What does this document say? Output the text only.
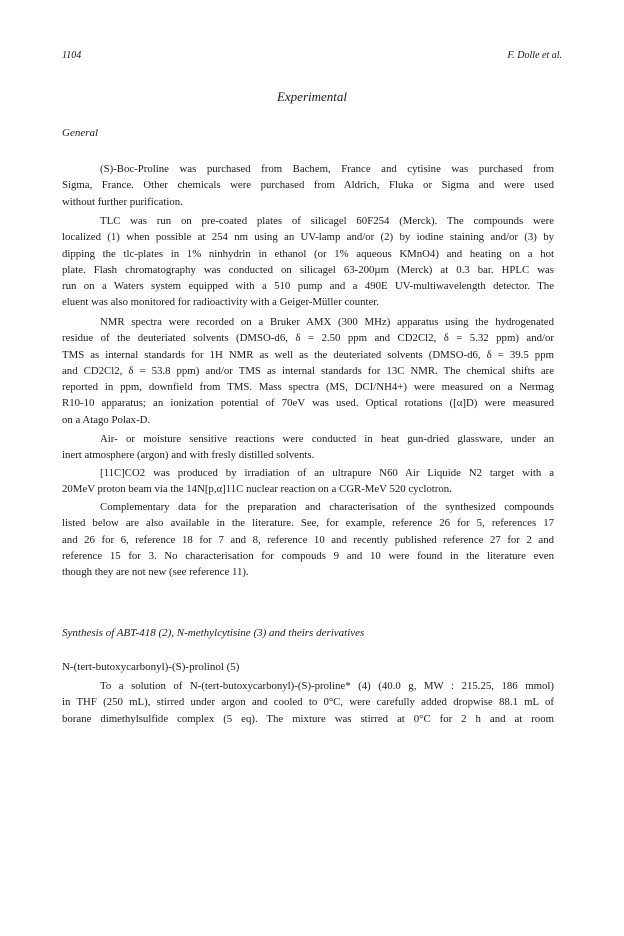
1104	F. Dolle et al.
Experimental
General
(S)-Boc-Proline was purchased from Bachem, France and cytisine was purchased from
Sigma, France. Other chemicals were purchased from Aldrich, Fluka or Sigma and were used
without further purification.
TLC was run on pre-coated plates of silicagel 60F254 (Merck). The compounds were
localized (1) when possible at 254 nm using an UV-lamp and/or (2) by iodine staining and/or (3) by
dipping the tlc-plates in 1% ninhydrin in ethanol (or 1% aqueous KMnO4) and heating on a hot
plate. Flash chromatography was conducted on silicagel 63-200µm (Merck) at 0.3 bar. HPLC was
run on a Waters system equipped with a 510 pump and a 490E UV-multiwavelength detector. The
eluent was also monitored for radioactivity with a Geiger-Müller counter.
NMR spectra were recorded on a Bruker AMX (300 MHz) apparatus using the hydrogenated
residue of the deuteriated solvents (DMSO-d6, δ = 2.50 ppm and CD2Cl2, δ = 5.32 ppm) and/or
TMS as internal standards for 1H NMR as well as the deuteriated solvents (DMSO-d6, δ = 39.5 ppm
and CD2Cl2, δ = 53.8 ppm) and/or TMS as internal standards for 13C NMR. The chemical shifts are
reported in ppm, downfield from TMS. Mass spectra (MS, DCI/NH4+) were measured on a Nermag
R10-10 apparatus; an ionization potential of 70eV was used. Optical rotations ([α]D) were measured
on a Atago Polax-D.
Air- or moisture sensitive reactions were conducted in heat gun-dried glassware, under an
inert atmosphere (argon) and with fresly distilled solvents.
[11C]CO2 was produced by irradiation of an ultrapure N60 Air Liquide N2 target with a
20MeV proton beam via the 14N[p,α]11C nuclear reaction on a CGR-MeV 520 cyclotron.
Complementary data for the preparation and characterisation of the synthesized compounds
listed below are also available in the literature. See, for example, reference 26 for 5, references 17
and 26 for 6, reference 18 for 7 and 8, reference 10 and recently published reference 27 for 2 and
reference 15 for 3. No characterisation for compouds 9 and 10 were found in the literature even
though they are not new (see reference 11).
Synthesis of ABT-418 (2), N-methylcytisine (3) and theirs derivatives
N-(tert-butoxycarbonyl)-(S)-prolinol (5)
To a solution of N-(tert-butoxycarbonyl)-(S)-proline* (4) (40.0 g, MW : 215.25, 186 mmol)
in THF (250 mL), stirred under argon and cooled to 0°C, were carefully added dropwise 88.1 mL of
borane dimethylsulfide complex (5 eq). The mixture was stirred at 0°C for 2 h and at room
